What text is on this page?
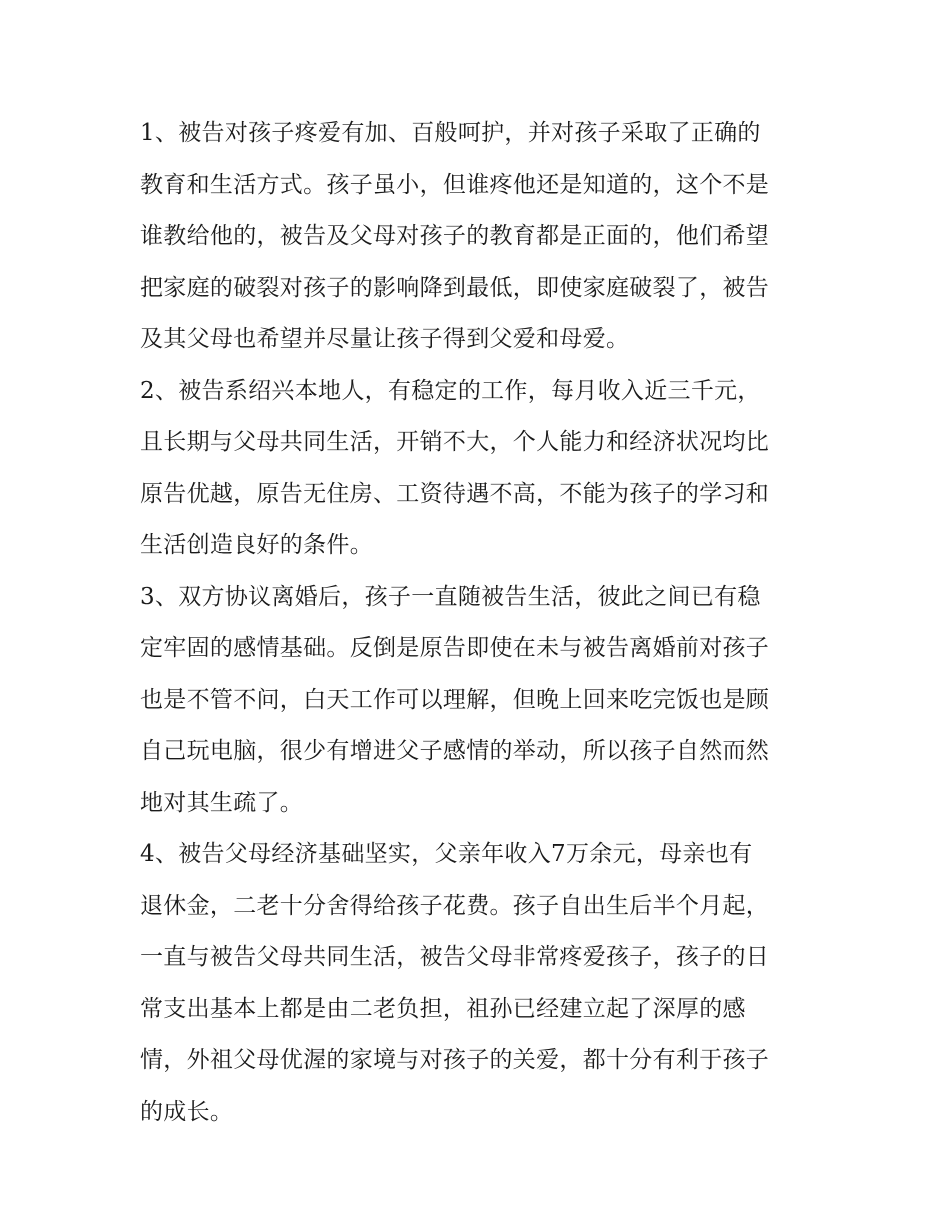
1、被告对孩子疼爱有加、百般呵护，并对孩子采取了正确的
教育和生活方式。孩子虽小，但谁疼他还是知道的，这个不是
谁教给他的，被告及父母对孩子的教育都是正面的，他们希望
把家庭的破裂对孩子的影响降到最低，即使家庭破裂了，被告
及其父母也希望并尽量让孩子得到父爱和母爱。
2、被告系绍兴本地人，有稳定的工作，每月收入近三千元，
且长期与父母共同生活，开销不大，个人能力和经济状况均比
原告优越，原告无住房、工资待遇不高，不能为孩子的学习和
生活创造良好的条件。
3、双方协议离婚后，孩子一直随被告生活，彼此之间已有稳
定牢固的感情基础。反倒是原告即使在未与被告离婚前对孩子
也是不管不问，白天工作可以理解，但晚上回来吃完饭也是顾
自己玩电脑，很少有增进父子感情的举动，所以孩子自然而然
地对其生疏了。
4、被告父母经济基础坚实，父亲年收入7万余元，母亲也有
退休金，二老十分舍得给孩子花费。孩子自出生后半个月起，
一直与被告父母共同生活，被告父母非常疼爱孩子，孩子的日
常支出基本上都是由二老负担，祖孙已经建立起了深厚的感
情，外祖父母优渥的家境与对孩子的关爱，都十分有利于孩子
的成长。
